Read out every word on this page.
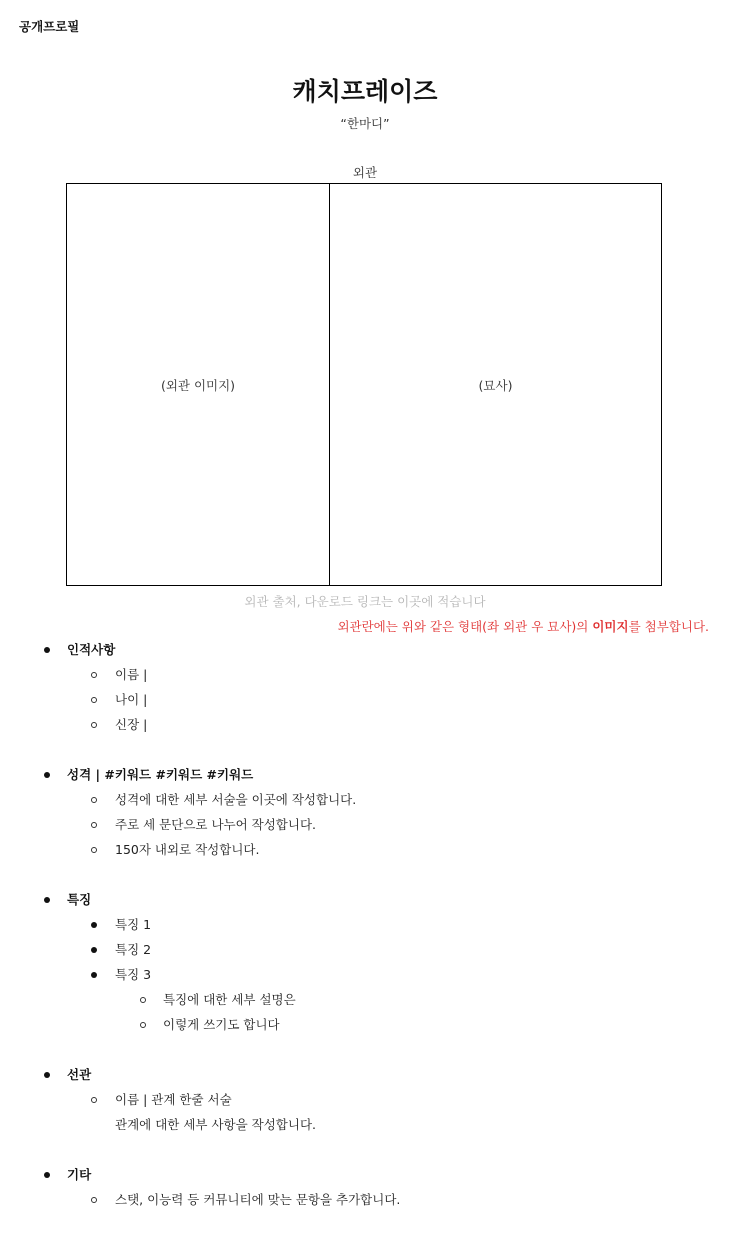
공개프로필
캐치프레이즈
“한마디”
외관
(외관 이미지)	(묘사)
외관 출처, 다운로드 링크는 이곳에 적습니다
외관란에는 위와 같은 형태(좌 외관 우 묘사)의 이미지를 첨부합니다.
인적사항
이름 |
나이 |
신장 |
성격 | #키워드 #키워드 #키워드
성격에 대한 세부 서술을 이곳에 작성합니다.
주로 세 문단으로 나누어 작성합니다.
150자 내외로 작성합니다.
특징
특징 1
특징 2
특징 3
특징에 대한 세부 설명은
이렇게 쓰기도 합니다
선관
이름 | 관계 한줄 서술
관계에 대한 세부 사항을 작성합니다.
기타
스탯, 이능력 등 커뮤니티에 맞는 문항을 추가합니다.
